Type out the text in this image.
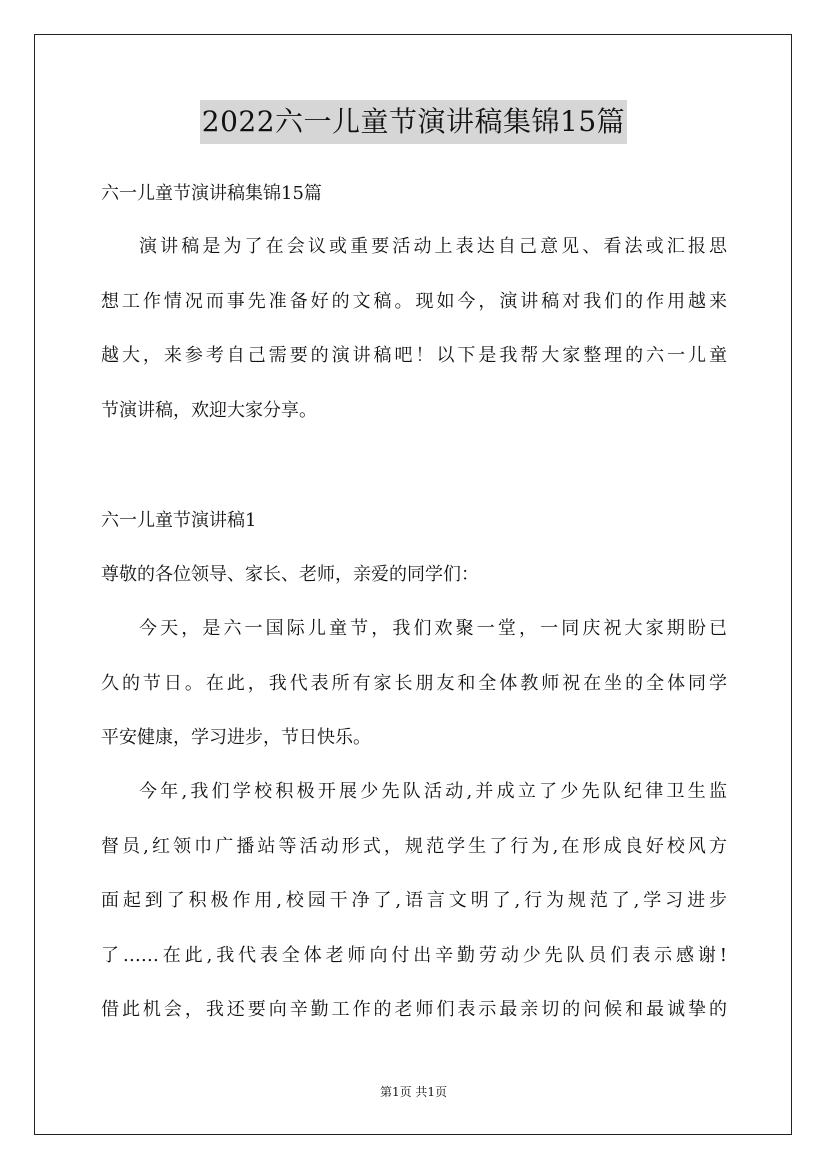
2022六一儿童节演讲稿集锦15篇
六一儿童节演讲稿集锦15篇
演讲稿是为了在会议或重要活动上表达自己意见、看法或汇报思
想工作情况而事先准备好的文稿。现如今，演讲稿对我们的作用越来
越大，来参考自己需要的演讲稿吧！以下是我帮大家整理的六一儿童
节演讲稿，欢迎大家分享。
六一儿童节演讲稿1
尊敬的各位领导、家长、老师，亲爱的同学们：
今天，是六一国际儿童节，我们欢聚一堂，一同庆祝大家期盼已
久的节日。在此，我代表所有家长朋友和全体教师祝在坐的全体同学
平安健康，学习进步，节日快乐。
今年,我们学校积极开展少先队活动,并成立了少先队纪律卫生监
督员,红领巾广播站等活动形式，规范学生了行为,在形成良好校风方
面起到了积极作用,校园干净了,语言文明了,行为规范了,学习进步
了……在此,我代表全体老师向付出辛勤劳动少先队员们表示感谢!
借此机会，我还要向辛勤工作的老师们表示最亲切的问候和最诚挚的
第1页 共1页
